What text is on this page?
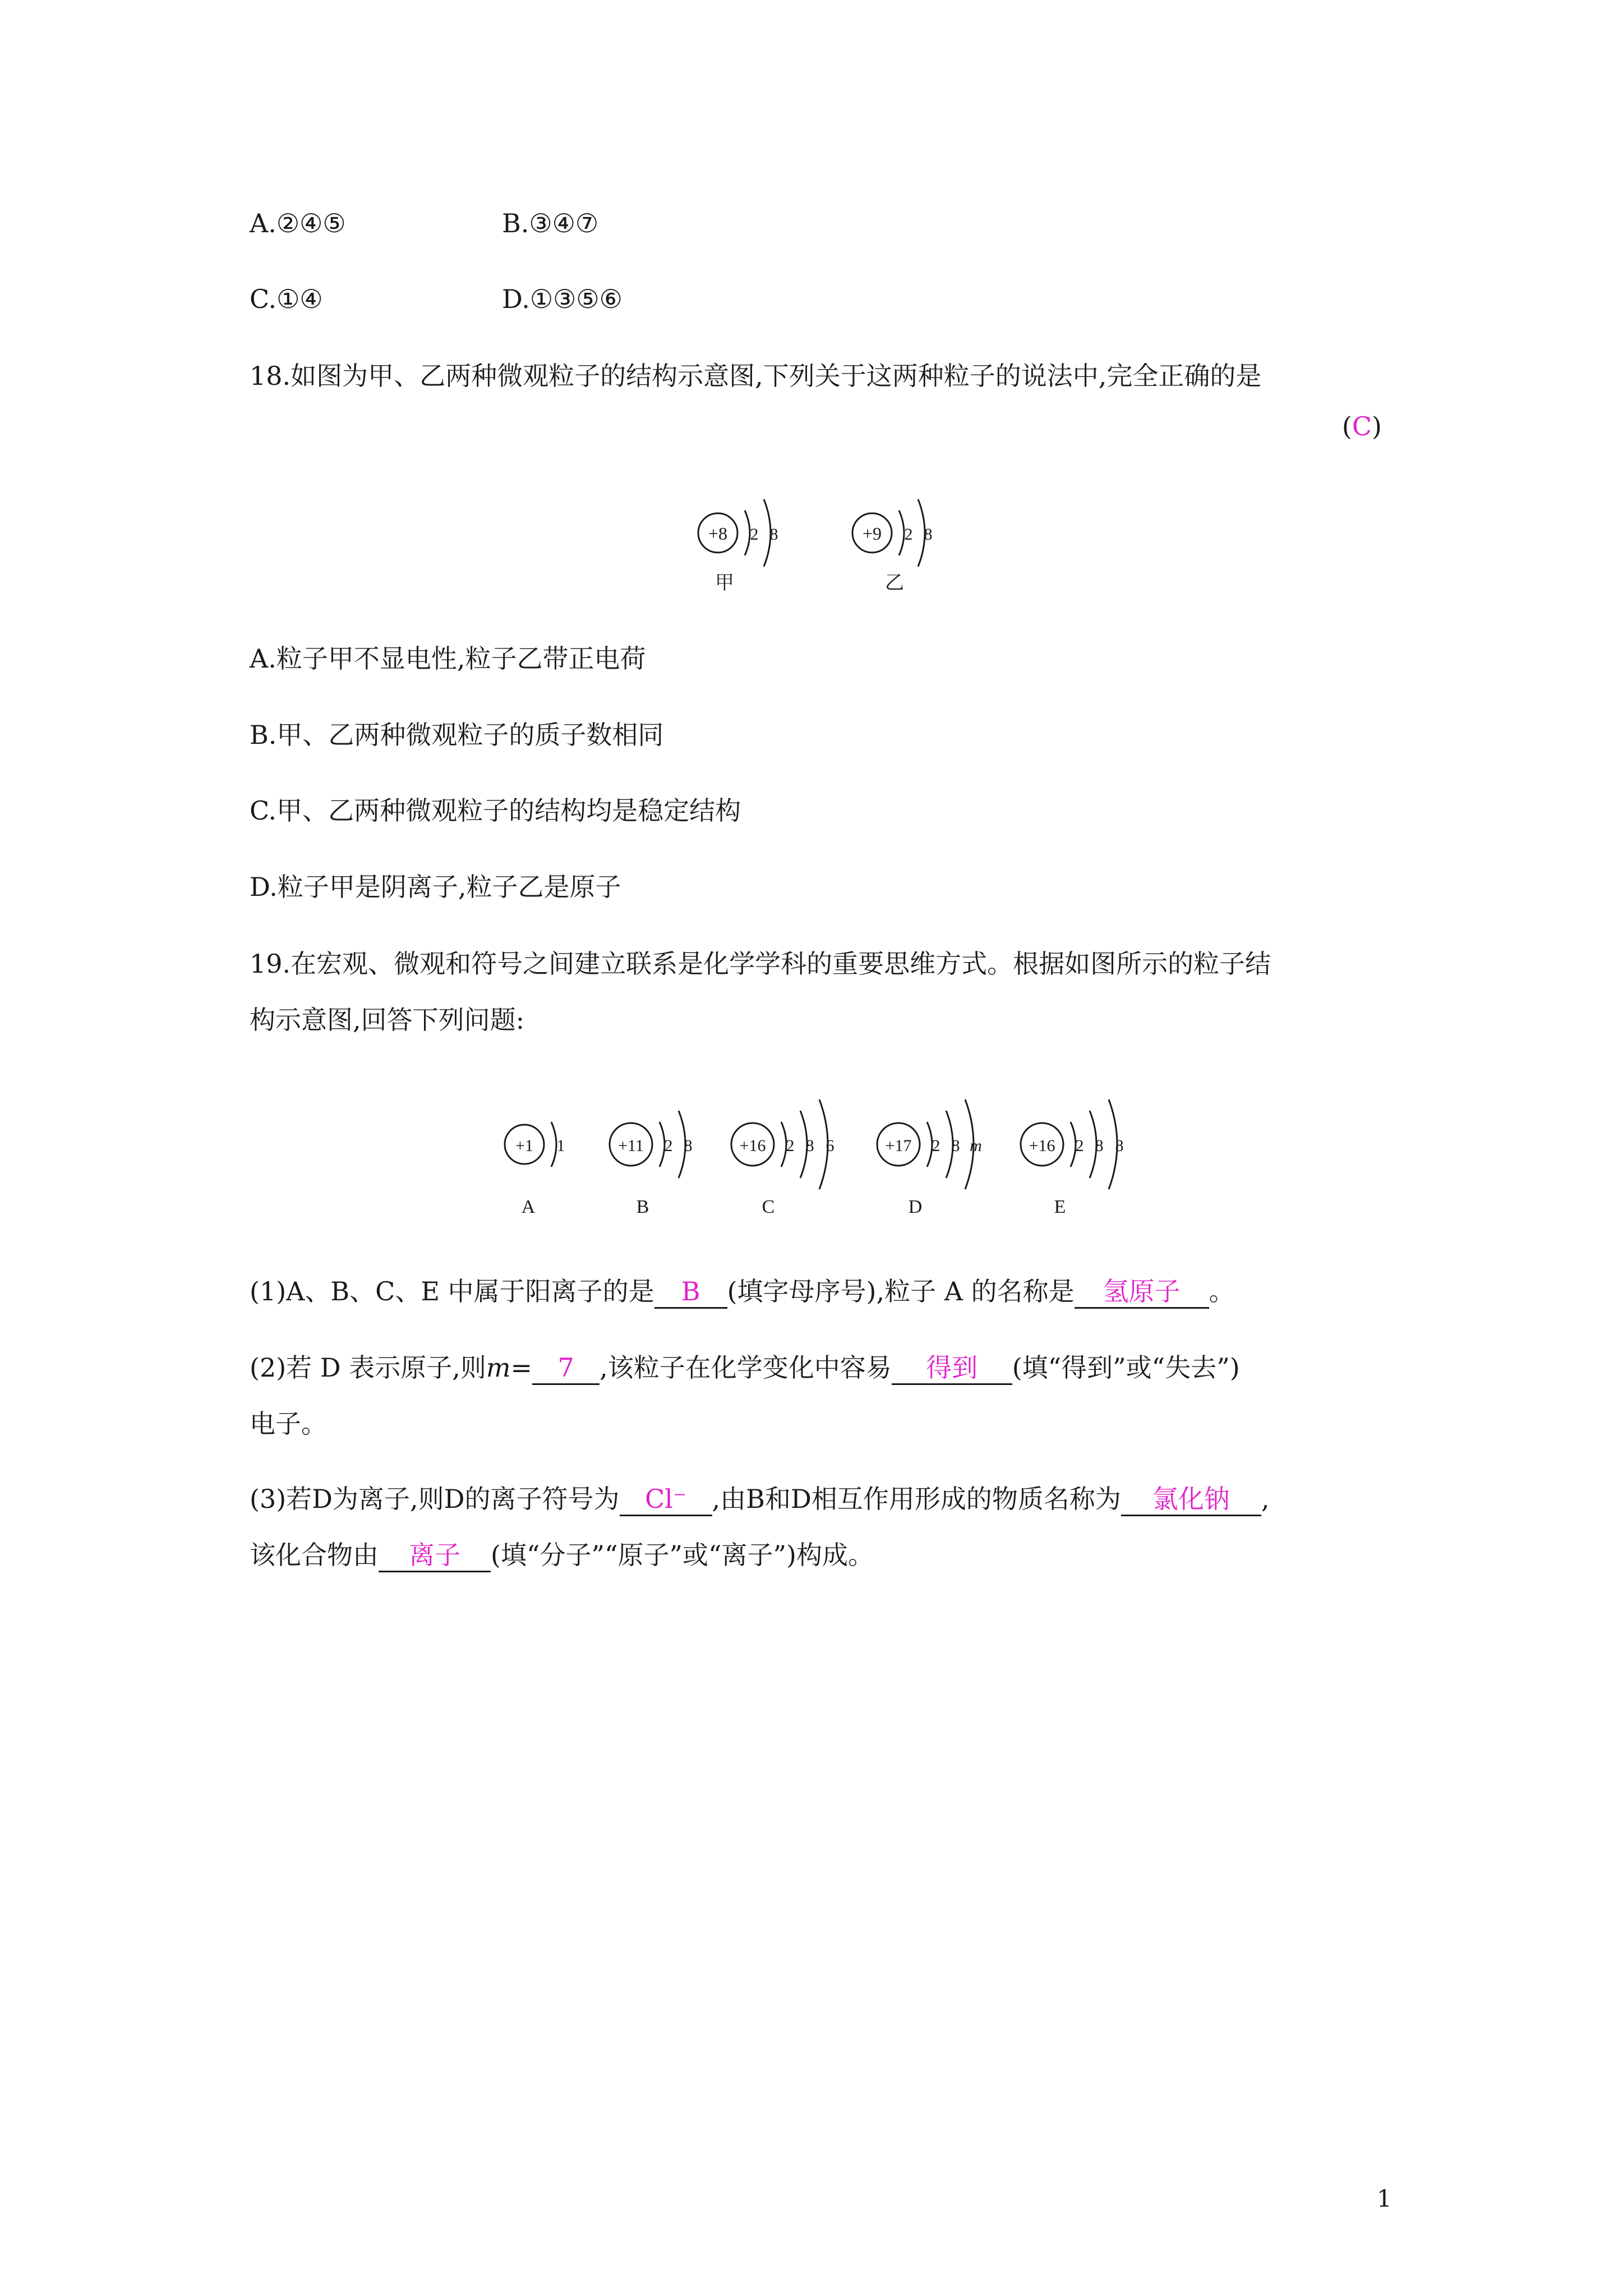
A.②④⑤	B.③④⑦
C.①④	D.①③⑤⑥
18.如图为甲、乙两种微观粒子的结构示意图,下列关于这两种粒子的说法中,完全正确的是
(C)
+8 2 8
甲
+9 2 8
乙
A.粒子甲不显电性,粒子乙带正电荷
B.甲、乙两种微观粒子的质子数相同
C.甲、乙两种微观粒子的结构均是稳定结构
D.粒子甲是阴离子,粒子乙是原子
19.在宏观、微观和符号之间建立联系是化学学科的重要思维方式。根据如图所示的粒子结
构示意图,回答下列问题:
+1 1
A
+11 2 8
B
+16 2 8 6
C
+17 2 8 m
D
+16 2 8 8
E
(1)A、B、C、E 中属于阳离子的是 B (填字母序号),粒子 A 的名称是 氢原子 。
(2)若 D 表示原子,则m= 7 ,该粒子在化学变化中容易 得到 (填“得到”或“失去”)
电子。
(3)若D为离子,则D的离子符号为 Cl⁻ ,由B和D相互作用形成的物质名称为 氯化钠 ,
该化合物由 离子 (填“分子”“原子”或“离子”)构成。
1
